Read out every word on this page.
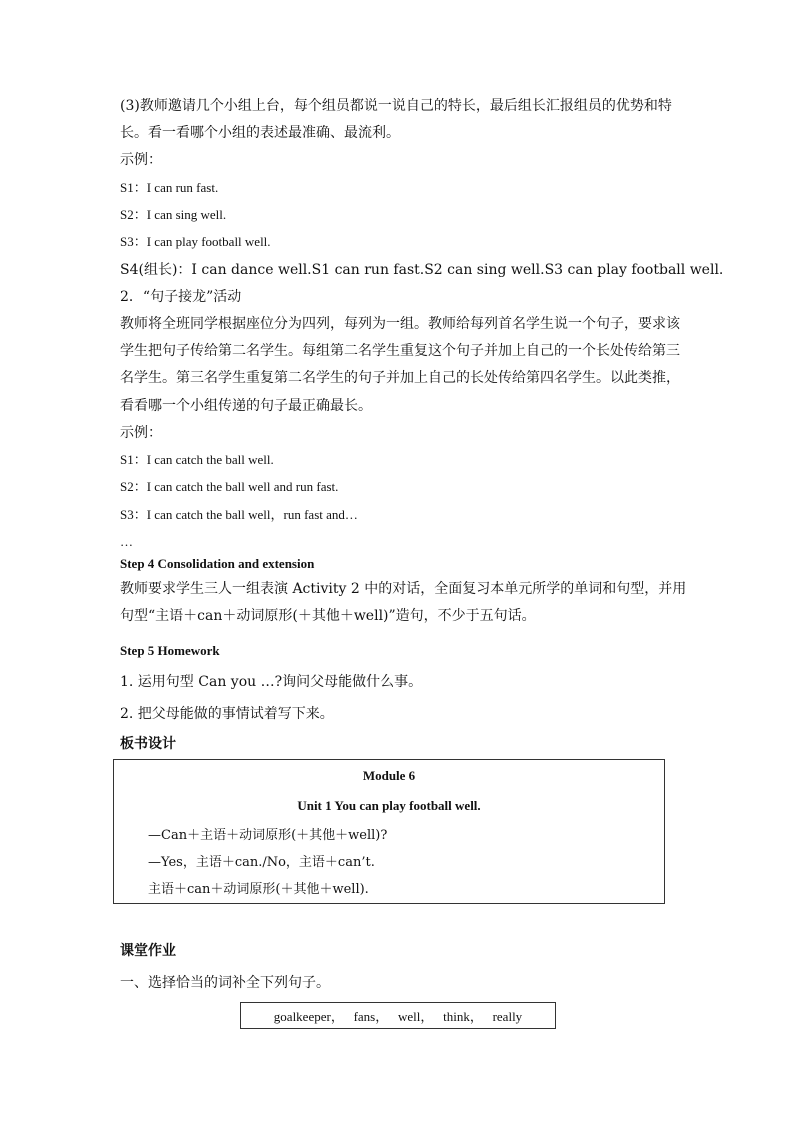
(3)教师邀请几个小组上台，每个组员都说一说自己的特长，最后组长汇报组员的优势和特
长。看一看哪个小组的表述最准确、最流利。
示例：
S1：I can run fast.
S2：I can sing well.
S3：I can play football well.
S4(组长)：I can dance well.S1 can run fast.S2 can sing well.S3 can play football well.
2．“句子接龙”活动
教师将全班同学根据座位分为四列，每列为一组。教师给每列首名学生说一个句子，要求该
学生把句子传给第二名学生。每组第二名学生重复这个句子并加上自己的一个长处传给第三
名学生。第三名学生重复第二名学生的句子并加上自己的长处传给第四名学生。以此类推，
看看哪一个小组传递的句子最正确最长。
示例：
S1：I can catch the ball well.
S2：I can catch the ball well and run fast.
S3：I can catch the ball well，run fast and…
…
Step 4 Consolidation and extension
教师要求学生三人一组表演 Activity 2 中的对话，全面复习本单元所学的单词和句型，并用
句型“主语＋can＋动词原形(＋其他＋well)”造句，不少于五句话。
Step 5 Homework
1. 运用句型 Can you …?询问父母能做什么事。
2. 把父母能做的事情试着写下来。
板书设计
课堂作业
一、选择恰当的词补全下列句子。
Module 6
Unit 1 You can play football well.
—Can＋主语＋动词原形(＋其他＋well)?
—Yes，主语＋can./No，主语＋can’t.
主语＋can＋动词原形(＋其他＋well).
goalkeeper，   fans，   well，   think，   really
